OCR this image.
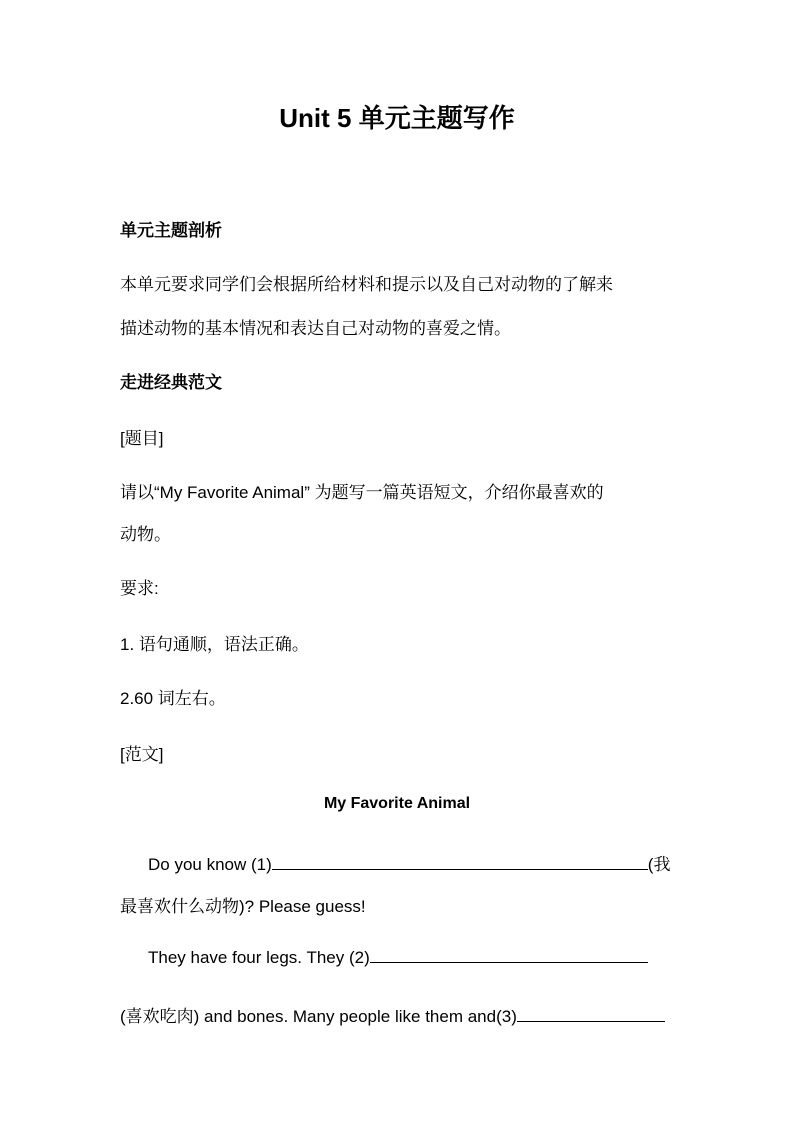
Unit 5 单元主题写作
单元主题剖析
本单元要求同学们会根据所给材料和提示以及自己对动物的了解来
描述动物的基本情况和表达自己对动物的喜爱之情。
走进经典范文
[题目]
请以“My Favorite Animal” 为题写一篇英语短文，介绍你最喜欢的
动物。
要求:
1. 语句通顺，语法正确。
2.60 词左右。
[范文]
My Favorite Animal
Do you know (1)	(我
最喜欢什么动物)? Please guess!
They have four legs. They (2)
(喜欢吃肉) and bones. Many people like them and(3)
